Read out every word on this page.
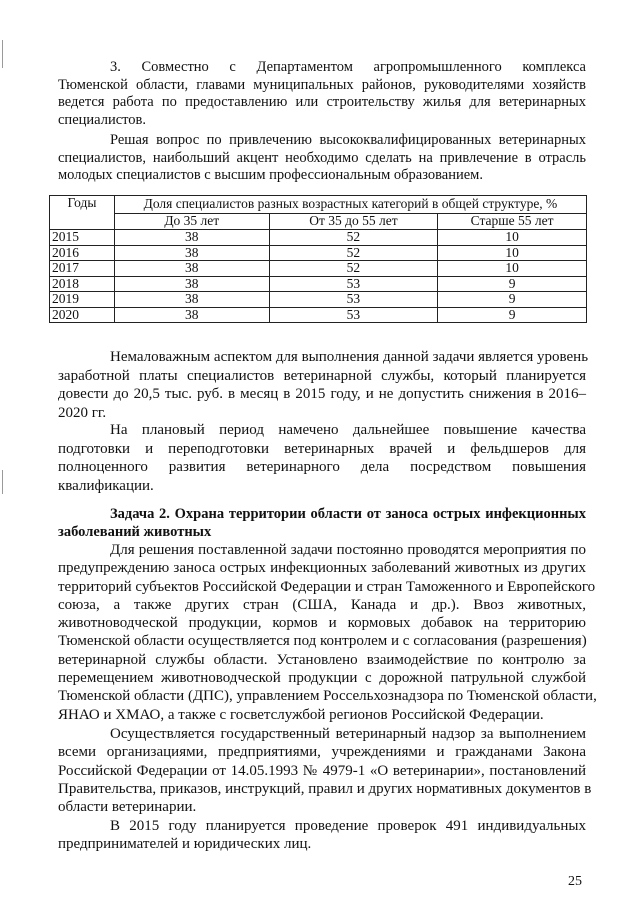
3. Совместно с Департаментом агропромышленного комплекса
Тюменской области, главами муниципальных районов, руководителями хозяйств
ведется работа по предоставлению или строительству жилья для ветеринарных
специалистов.
Решая вопрос по привлечению высококвалифицированных ветеринарных
специалистов, наибольший акцент необходимо сделать на привлечение в отрасль
молодых специалистов с высшим профессиональным образованием.
Годы	Доля специалистов разных возрастных категорий в общей структуре, %		
	До 35 лет	От 35 до 55 лет	Старше 55 лет
2015	38	52	10
2016	38	52	10
2017	38	52	10
2018	38	53	9
2019	38	53	9
2020	38	53	9
Немаловажным аспектом для выполнения данной задачи является уровень
заработной платы специалистов ветеринарной службы, который планируется
довести до 20,5 тыс. руб. в месяц в 2015 году, и не допустить снижения в 2016–
2020 гг.
На плановый период намечено дальнейшее повышение качества
подготовки и переподготовки ветеринарных врачей и фельдшеров для
полноценного развития ветеринарного дела посредством повышения
квалификации.
Задача 2. Охрана территории области от заноса острых инфекционных
заболеваний животных
Для решения поставленной задачи постоянно проводятся мероприятия по
предупреждению заноса острых инфекционных заболеваний животных из других
территорий субъектов Российской Федерации и стран Таможенного и Европейского
союза, а также других стран (США, Канада и др.). Ввоз животных,
животноводческой продукции, кормов и кормовых добавок на территорию
Тюменской области осуществляется под контролем и с согласования (разрешения)
ветеринарной службы области. Установлено взаимодействие по контролю за
перемещением животноводческой продукции с дорожной патрульной службой
Тюменской области (ДПС), управлением Россельхознадзора по Тюменской области,
ЯНАО и ХМАО, а также с госветслужбой регионов Российской Федерации.
Осуществляется государственный ветеринарный надзор за выполнением
всеми организациями, предприятиями, учреждениями и гражданами Закона
Российской Федерации от 14.05.1993 № 4979-1 «О ветеринарии», постановлений
Правительства, приказов, инструкций, правил и других нормативных документов в
области ветеринарии.
В 2015 году планируется проведение проверок 491 индивидуальных
предпринимателей и юридических лиц.
25
